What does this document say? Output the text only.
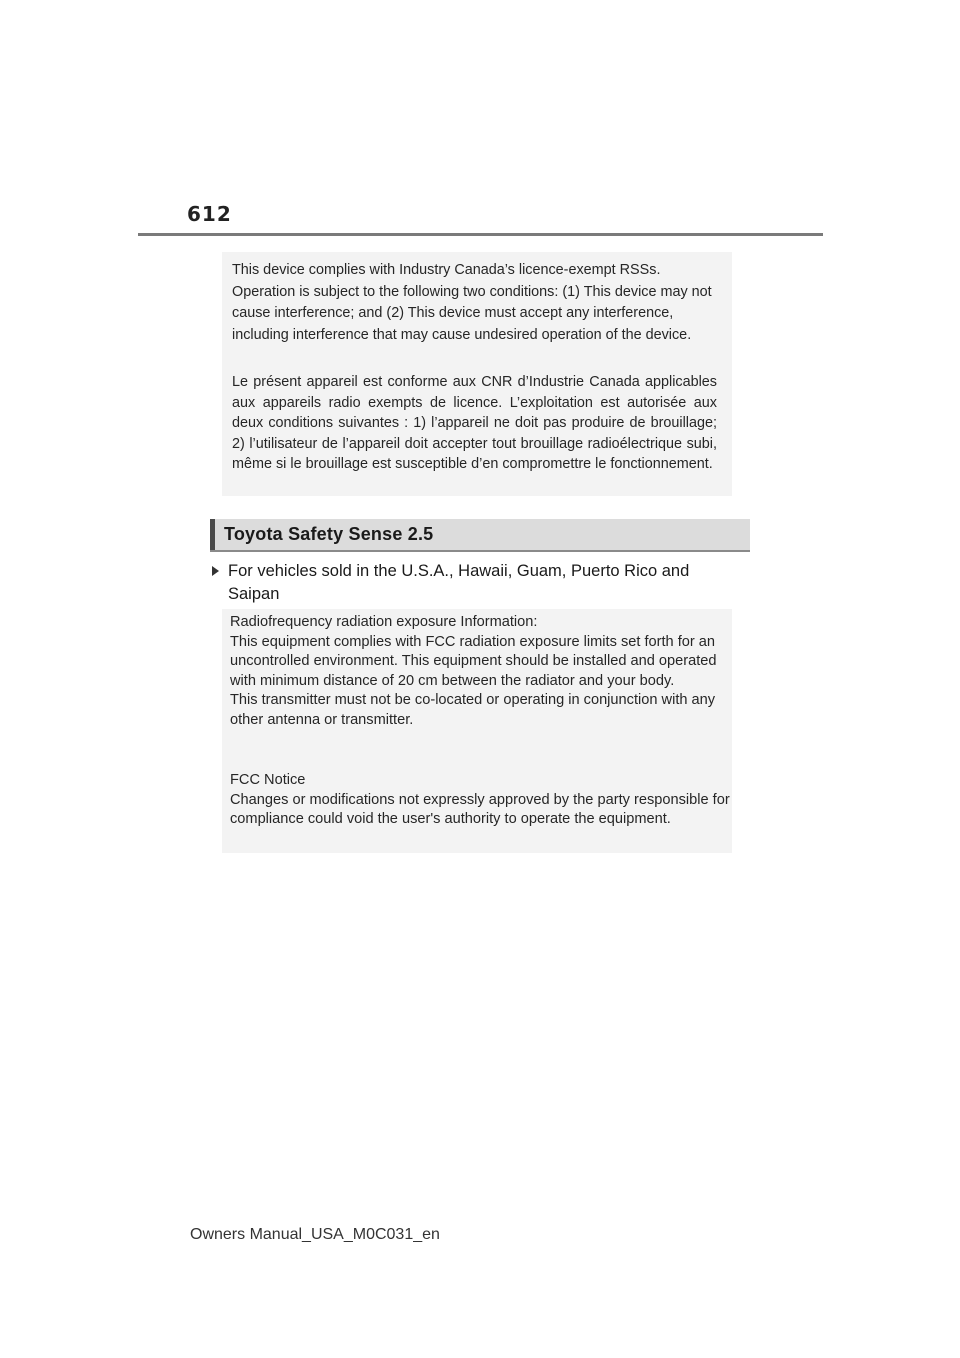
612
This device complies with Industry Canada’s licence-exempt RSSs. Operation is subject to the following two conditions: (1) This device may not cause interference; and (2) This device must accept any interference, including interference that may cause undesired operation of the device.
Le présent appareil est conforme aux CNR d’Industrie Canada applicables aux appareils radio exempts de licence. L’exploitation est autorisée aux deux conditions suivantes : 1) l’appareil ne doit pas produire de brouillage; 2) l’utilisateur de l’appareil doit accepter tout brouillage radioélectrique subi, même si le brouillage est susceptible d’en compromettre le fonctionnement.
Toyota Safety Sense 2.5
For vehicles sold in the U.S.A., Hawaii, Guam, Puerto Rico and Saipan
Radiofrequency radiation exposure Information:
This equipment complies with FCC radiation exposure limits set forth for an uncontrolled environment. This equipment should be installed and operated with minimum distance of 20 cm between the radiator and your body.
This transmitter must not be co-located or operating in conjunction with any other antenna or transmitter.
FCC Notice
Changes or modifications not expressly approved by the party responsible for compliance could void the user's authority to operate the equipment.
Owners Manual_USA_M0C031_en
